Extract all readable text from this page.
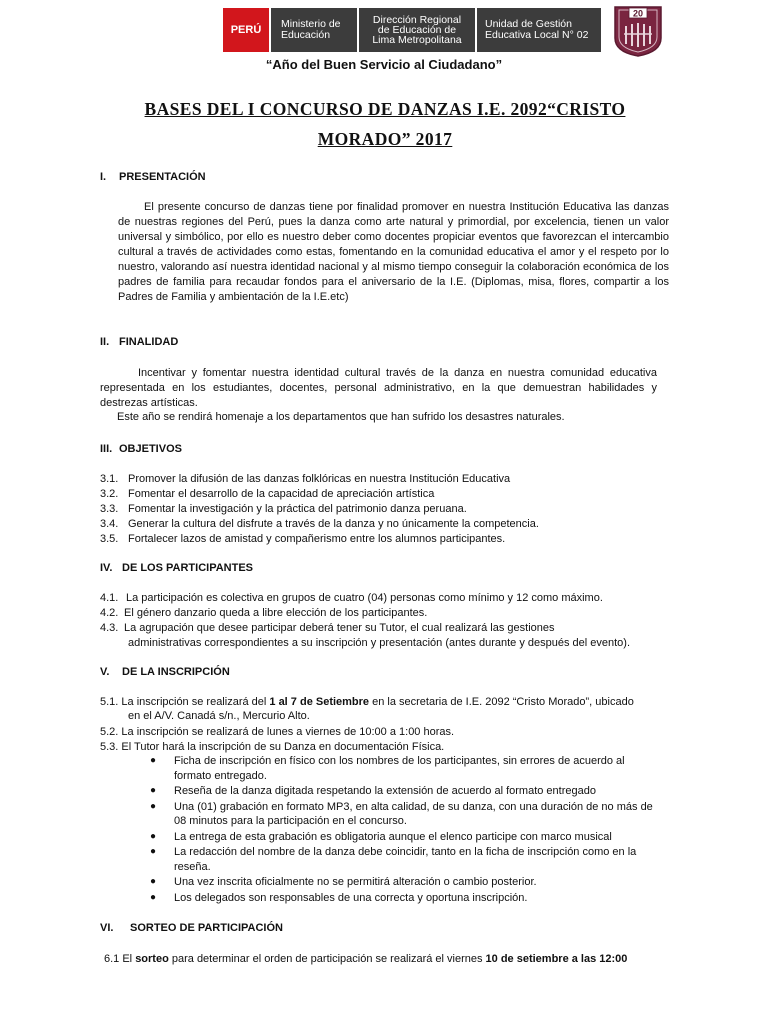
PERÚ	Ministerio de
Educación
Dirección Regional
de Educación de
Lima Metropolitana
Unidad de Gestión
Educativa Local N° 02
20
“Año del Buen Servicio al Ciudadano”
BASES DEL I CONCURSO DE DANZAS I.E. 2092“CRISTO MORADO” 2017
I. PRESENTACIÓN
El presente concurso de danzas tiene por finalidad promover en nuestra Institución Educativa las danzas de nuestras regiones del Perú, pues la danza como arte natural y primordial, por excelencia, tienen un valor universal y simbólico, por ello es nuestro deber como docentes propiciar eventos que favorezcan el intercambio cultural a través de actividades como estas, fomentando en la comunidad educativa el amor y el respeto por lo nuestro, valorando así nuestra identidad nacional y al mismo tiempo conseguir la colaboración económica de los padres de familia para recaudar fondos para el aniversario de la I.E. (Diplomas, misa, flores, compartir a los Padres de Familia y ambientación de la I.E.etc)
II. FINALIDAD
Incentivar y fomentar nuestra identidad cultural través de la danza en nuestra comunidad educativa representada en los estudiantes, docentes, personal administrativo, en la que demuestran habilidades y destrezas artísticas.
Este año se rendirá homenaje a los departamentos que han sufrido los desastres naturales.
III. OBJETIVOS
3.1. Promover la difusión de las danzas folklóricas en nuestra Institución Educativa
3.2. Fomentar el desarrollo de la capacidad de apreciación artística
3.3. Fomentar la investigación y la práctica del patrimonio danza peruana.
3.4. Generar la cultura del disfrute a través de la danza y no únicamente la competencia.
3.5. Fortalecer lazos de amistad y compañerismo entre los alumnos participantes.
IV. DE LOS PARTICIPANTES
4.1. La participación es colectiva en grupos de cuatro (04) personas como mínimo y 12 como máximo.
4.2. El género danzario queda a libre elección de los participantes.
4.3. La agrupación que desee participar deberá tener su Tutor, el cual realizará las gestiones
administrativas correspondientes a su inscripción y presentación (antes durante y después del evento).
V. DE LA INSCRIPCIÓN
5.1. La inscripción se realizará del 1 al 7 de Setiembre en la secretaria de I.E. 2092 “Cristo Morado”, ubicado
en el A/V. Canadá s/n., Mercurio Alto.
5.2. La inscripción se realizará de lunes a viernes de 10:00 a 1:00 horas.
5.3. El Tutor hará la inscripción de su Danza en documentación Física.
● Ficha de inscripción en físico con los nombres de los participantes, sin errores de acuerdo al formato entregado.
● Reseña de la danza digitada respetando la extensión de acuerdo al formato entregado
● Una (01) grabación en formato MP3, en alta calidad, de su danza, con una duración de no más de 08 minutos para la participación en el concurso.
● La entrega de esta grabación es obligatoria aunque el elenco participe con marco musical
● La redacción del nombre de la danza debe coincidir, tanto en la ficha de inscripción como en la reseña.
● Una vez inscrita oficialmente no se permitirá alteración o cambio posterior.
● Los delegados son responsables de una correcta y oportuna inscripción.
VI. SORTEO DE PARTICIPACIÓN
6.1 El sorteo para determinar el orden de participación se realizará el viernes 10 de setiembre a las 12:00
